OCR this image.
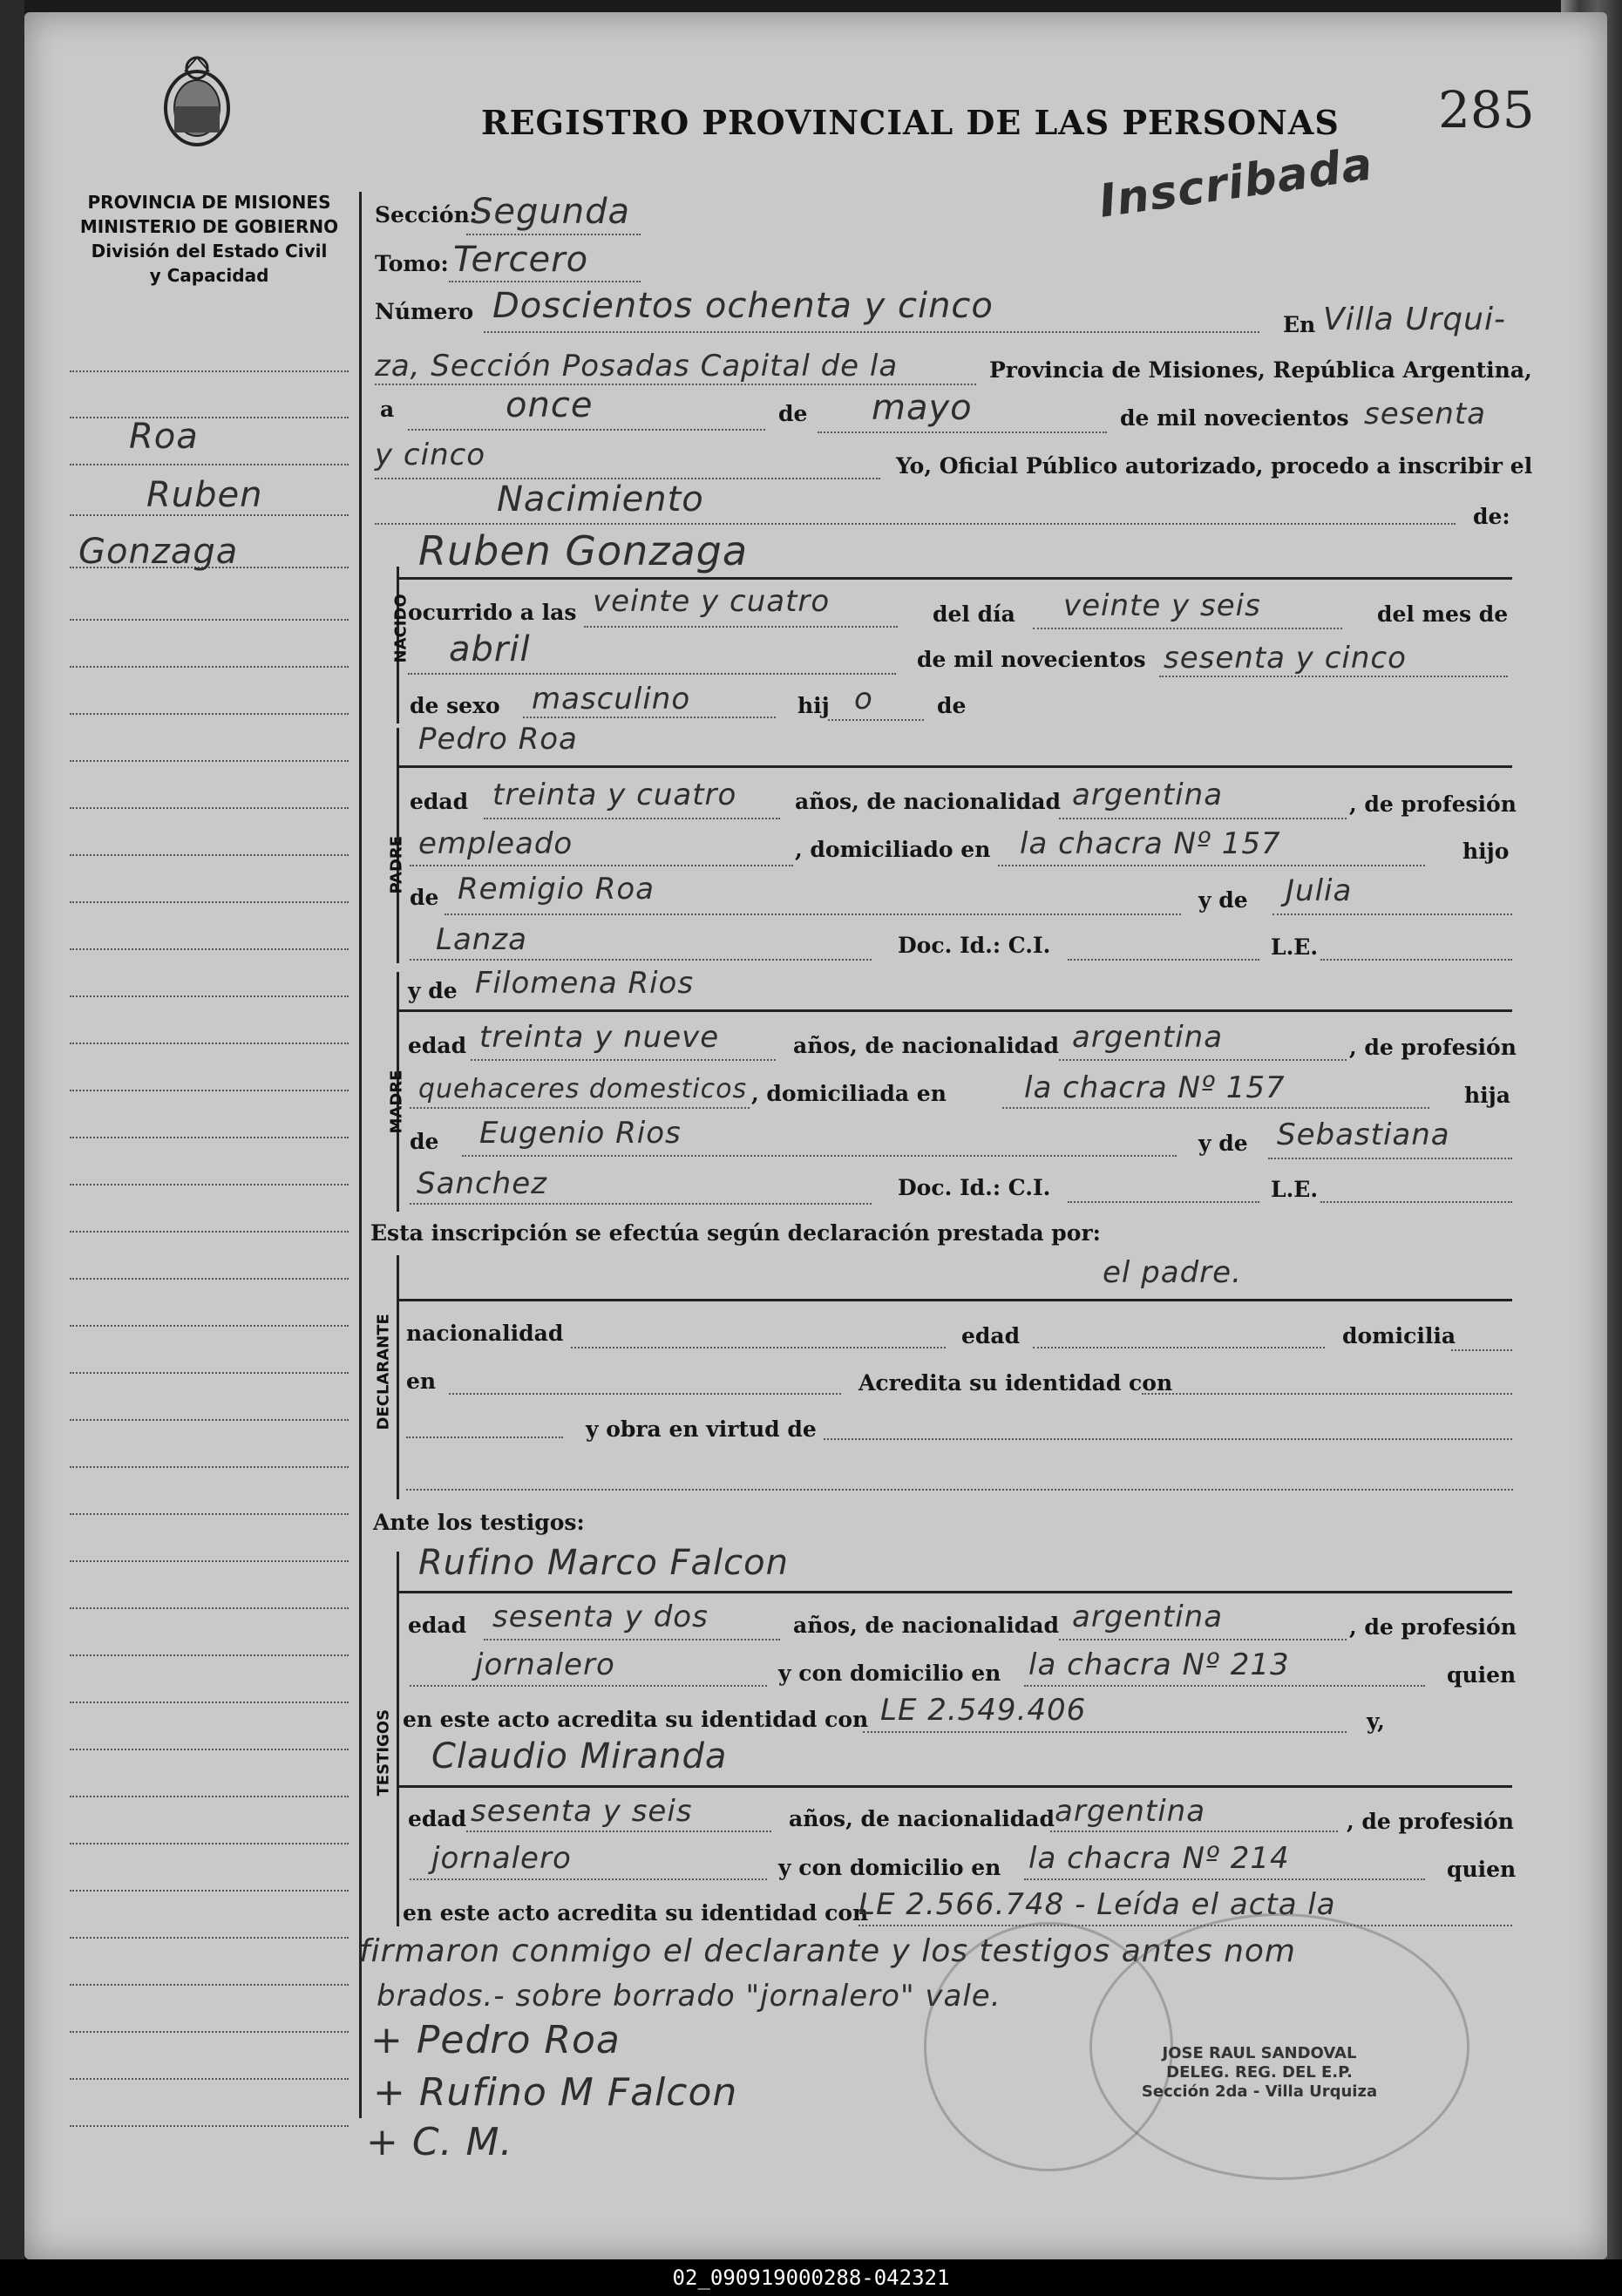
PROVINCIA DE MISIONES
MINISTERIO DE GOBIERNO
División del Estado Civil
y Capacidad
REGISTRO PROVINCIAL DE LAS PERSONAS 285
Inscribada
Roa
Ruben
Gonzaga
Sección:
Segunda
Tomo: Tercero
Número Doscientos ochenta y cinco	En Villa Urqui-
za, Sección Posadas Capital de la	Provincia de Misiones, República Argentina,
a	once	de mayo	de mil novecientos sesenta
y cinco	Yo, Oficial Público autorizado, procedo a inscribir el
Nacimiento	de:
NACIDO
Ruben Gonzaga
ocurrido a las veinte y cuatro	del día veinte y seis	del mes de
abril	de mil novecientos sesenta y cinco
de sexo masculino	hij o	de
PADRE
Pedro Roa
edad treinta y cuatro	años, de nacionalidad argentina	, de profesión
empleado	, domiciliado en la chacra Nº 157	hijo
de Remigio Roa	y de Julia
Lanza	Doc. Id.: C.I.	L.E.
MADRE
y de Filomena Rios
edad treinta y nueve	años, de nacionalidad argentina	, de profesión
quehaceres domesticos , domiciliada en	la chacra Nº 157	hija
de Eugenio Rios	y de Sebastiana
Sanchez	Doc. Id.: C.I.	L.E.
Esta inscripción se efectúa según declaración prestada por:
DECLARANTE
el padre.
nacionalidad	edad	domicilia
en	Acredita su identidad con
y obra en virtud de
Ante los testigos:
TESTIGOS
Rufino Marco Falcon
edad sesenta y dos	años, de nacionalidad argentina	, de profesión
jornalero	y con domicilio en la chacra Nº 213	quien
en este acto acredita su identidad con LE 2.549.406	y,
Claudio Miranda
edad sesenta y seis	años, de nacionalidad argentina	, de profesión
jornalero	y con domicilio en la chacra Nº 214	quien
en este acto acredita su identidad con
LE 2.566.748 - Leída el acta la
firmaron conmigo el declarante y los testigos antes nom
brados.- sobre borrado "jornalero" vale.
JOSE RAUL SANDOVAL
DELEG. REG. DEL E.P.
Sección 2da - Villa Urquiza
+ Pedro Roa
+ Rufino M Falcon
+ C. M.
02_090919000288-042321
